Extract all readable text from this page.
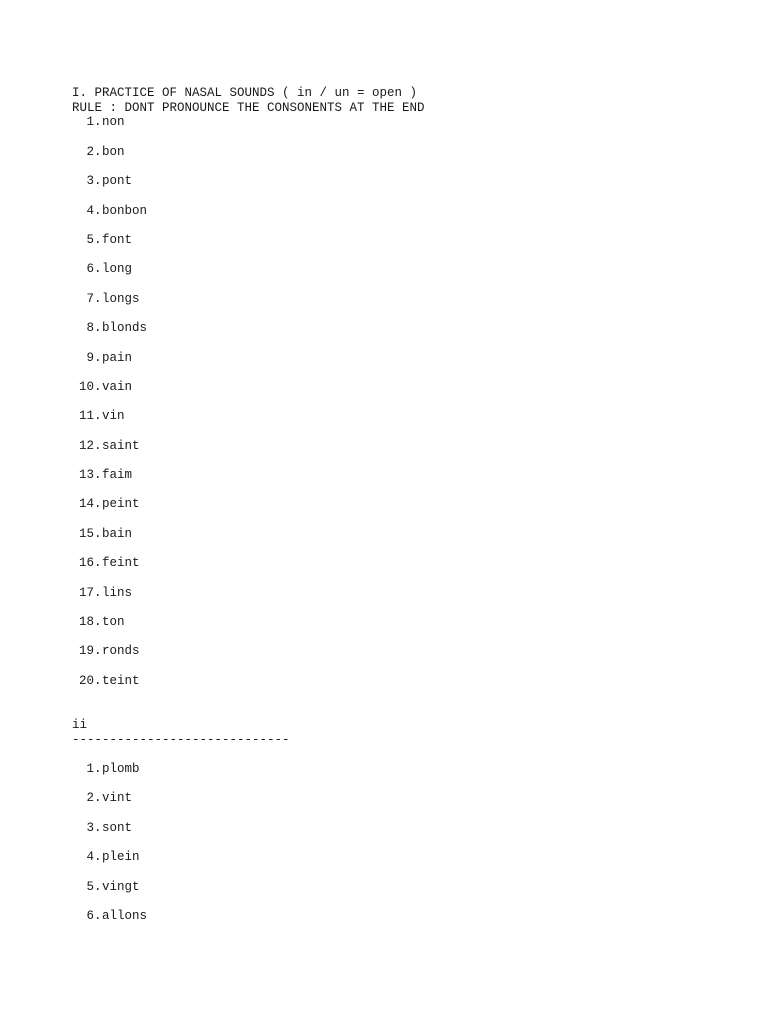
I. PRACTICE OF NASAL SOUNDS ( in / un = open )
RULE : DONT PRONOUNCE THE CONSONENTS AT THE END
1 . non
2 . bon
3 . pont
4 . bonbon
5 . font
6 . long
7 . longs
8 . blonds
9 . pain
10 . vain
11 . vin
12 . saint
13 . faim
14 . peint
15 . bain
16 . feint
17 . lins
18 . ton
19 . ronds
20 . teint
ii
-----------------------------
1 . plomb
2 . vint
3 . sont
4 . plein
5 . vingt
6 . allons
